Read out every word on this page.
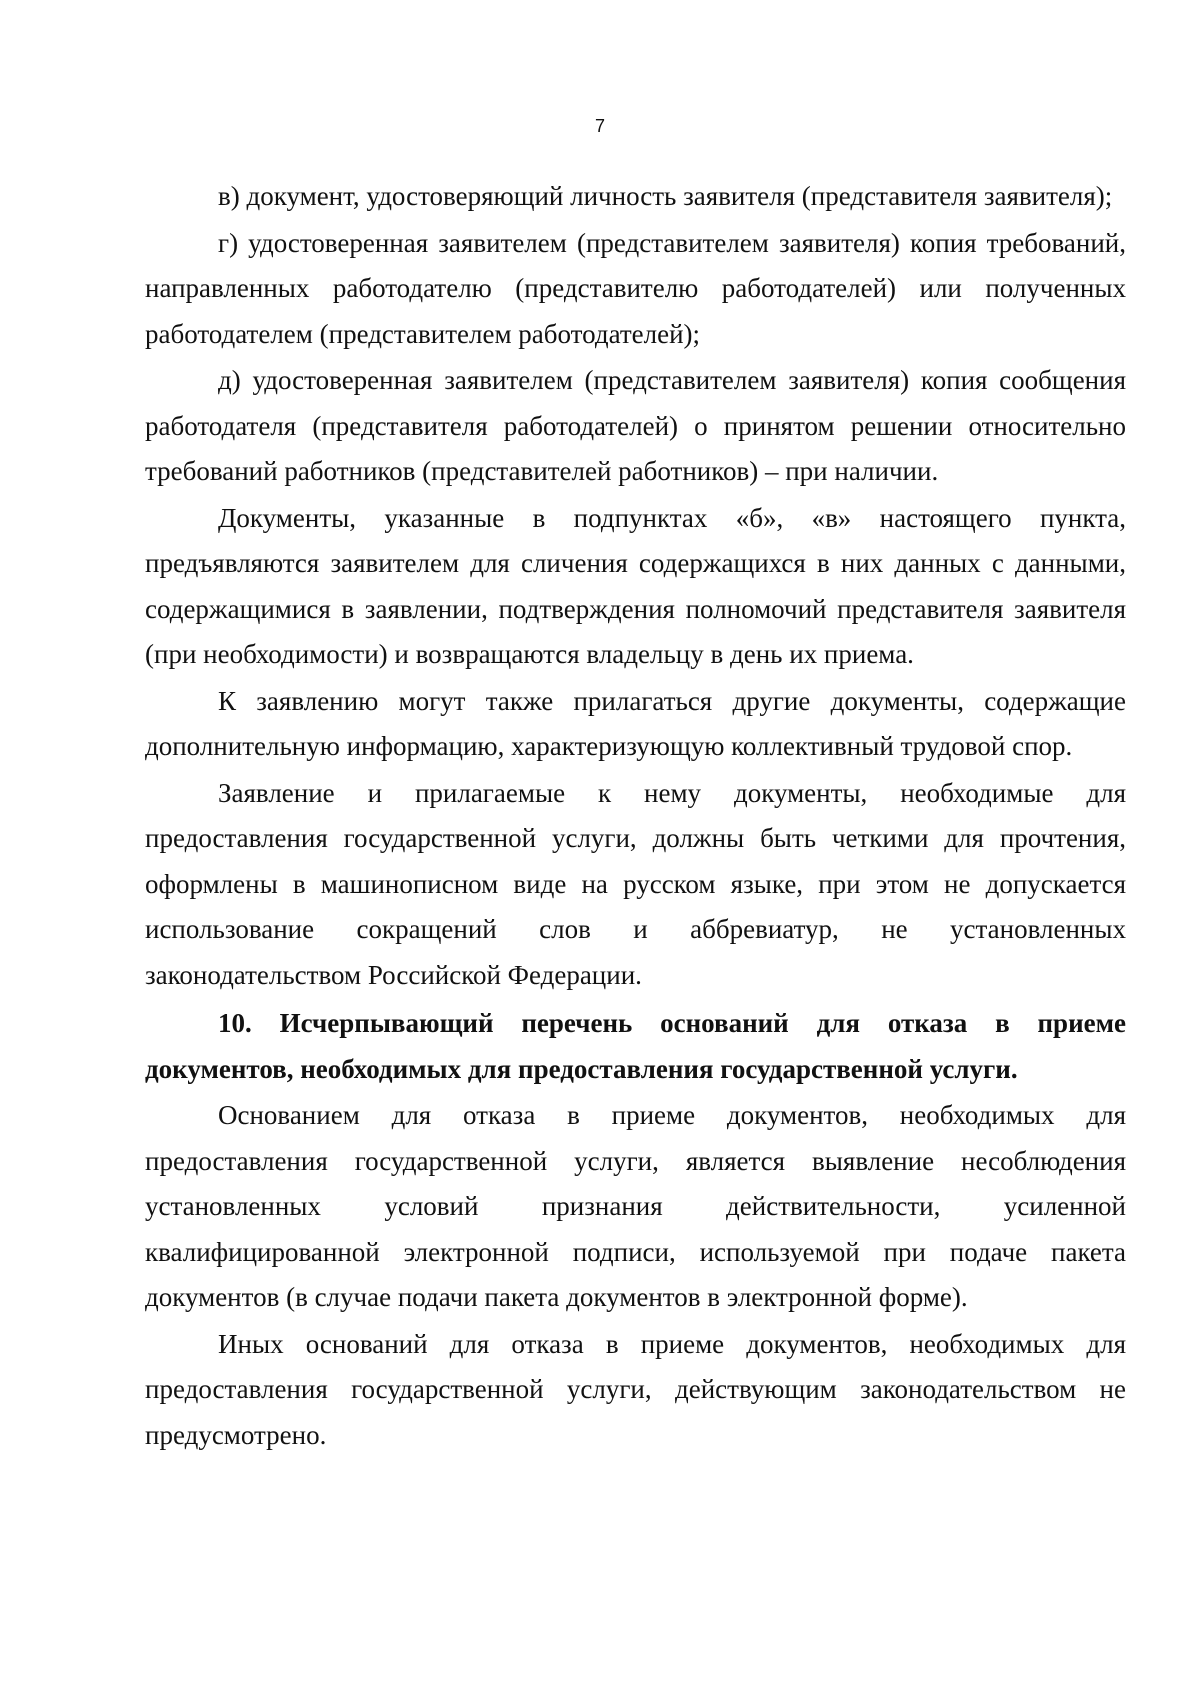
7

в) документ, удостоверяющий личность заявителя (представителя заявителя);

г) удостоверенная заявителем (представителем заявителя) копия требований, направленных работодателю (представителю работодателей) или полученных работодателем (представителем работодателей);

д) удостоверенная заявителем (представителем заявителя) копия сообщения работодателя (представителя работодателей) о принятом решении относительно требований работников (представителей работников) – при наличии.

Документы, указанные в подпунктах «б», «в» настоящего пункта, предъявляются заявителем для сличения содержащихся в них данных с данными, содержащимися в заявлении, подтверждения полномочий представителя заявителя (при необходимости) и возвращаются владельцу в день их приема.

К заявлению могут также прилагаться другие документы, содержащие дополнительную информацию, характеризующую коллективный трудовой спор.

Заявление и прилагаемые к нему документы, необходимые для предоставления государственной услуги, должны быть четкими для прочтения, оформлены в машинописном виде на русском языке, при этом не допускается использование сокращений слов и аббревиатур, не установленных законодательством Российской Федерации.

10. Исчерпывающий перечень оснований для отказа в приеме документов, необходимых для предоставления государственной услуги.

Основанием для отказа в приеме документов, необходимых для предоставления государственной услуги, является выявление несоблюдения установленных условий признания действительности, усиленной квалифицированной электронной подписи, используемой при подаче пакета документов (в случае подачи пакета документов в электронной форме).

Иных оснований для отказа в приеме документов, необходимых для предоставления государственной услуги, действующим законодательством не предусмотрено.
